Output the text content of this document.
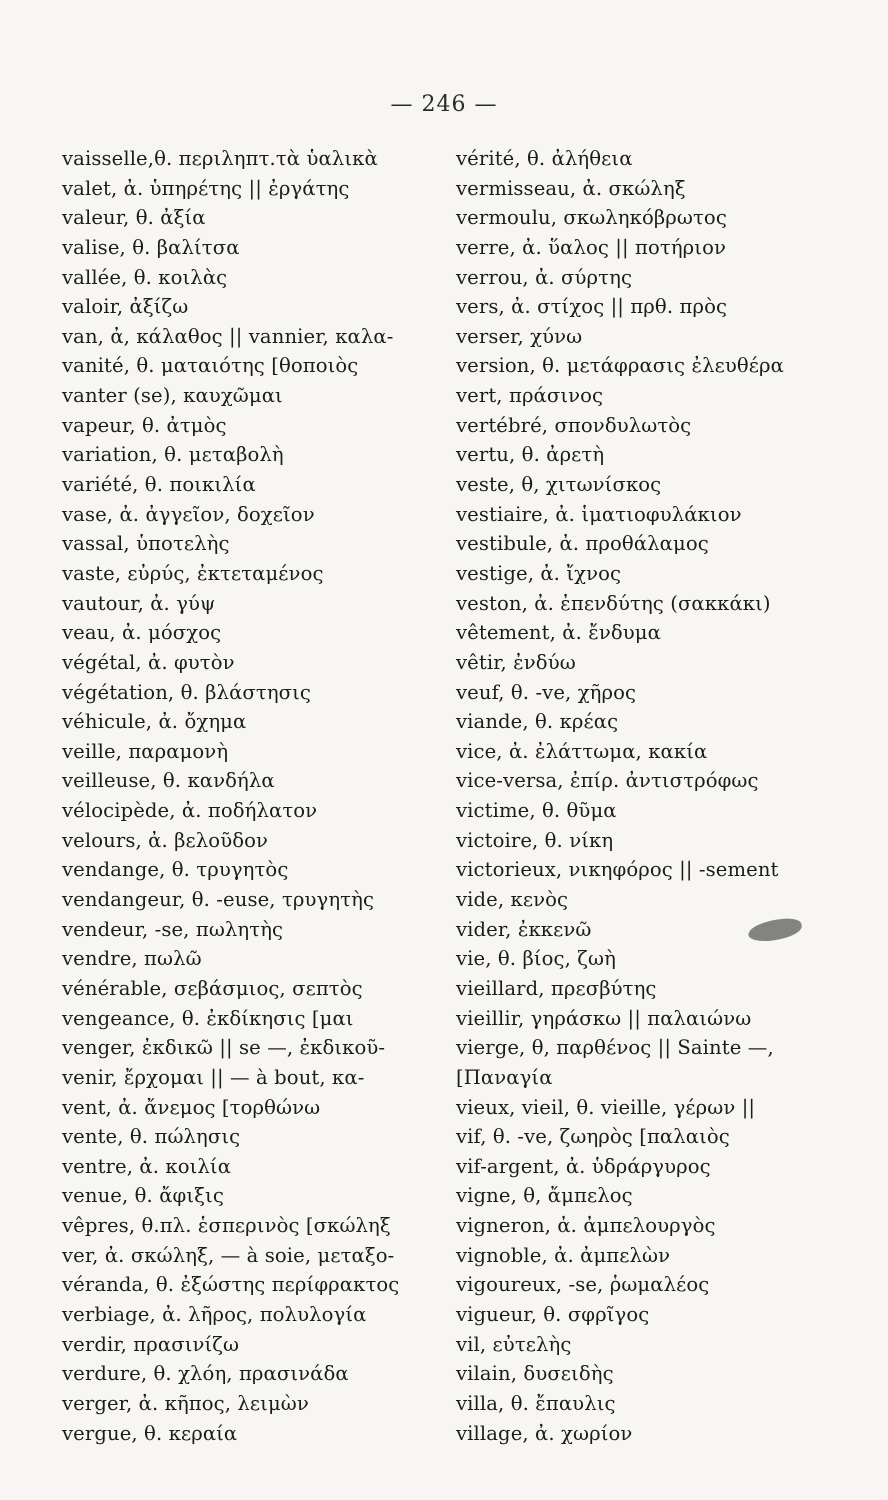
— 246 —
vaisselle,θ. περιληπτ.τὰ ὑαλικὰ
valet, ἀ. ὑπηρέτης || ἐργάτης
valeur, θ. ἀξία
valise, θ. βαλίτσα
vallée, θ. κοιλὰς
valoir, ἀξίζω
van, ἀ, κάλαθος || vannier, καλα-
vanité, θ. ματαιότης [θοποιὸς
vanter (se), καυχῶμαι
vapeur, θ. ἀτμὸς
variation, θ. μεταβολὴ
variété, θ. ποικιλία
vase, ἀ. ἀγγεῖον, δοχεῖον
vassal, ὑποτελὴς
vaste, εὐρύς, ἐκτεταμένος
vautour, ἀ. γύψ
veau, ἀ. μόσχος
végétal, ἀ. φυτὸν
végétation, θ. βλάστησις
véhicule, ἀ. ὄχημα
veille, παραμονὴ
veilleuse, θ. κανδήλα
vélocipède, ἀ. ποδήλατον
velours, ἀ. βελοῦδον
vendange, θ. τρυγητὸς
vendangeur, θ. -euse, τρυγητὴς
vendeur, -se, πωλητὴς
vendre, πωλῶ
vénérable, σεβάσμιος, σεπτὸς
vengeance, θ. ἐκδίκησις [μαι
venger, ἐκδικῶ || se —, ἐκδικοῦ-
venir, ἔρχομαι || — à bout, κα-
vent, ἀ. ἄνεμος [τορθώνω
vente, θ. πώλησις
ventre, ἀ. κοιλία
venue, θ. ἄφιξις
vêpres, θ.πλ. ἑσπερινὸς [σκώληξ
ver, ἀ. σκώληξ, — à soie, μεταξο-
véranda, θ. ἐξώστης περίφρακτος
verbiage, ἀ. λῆρος, πολυλογία
verdir, πρασινίζω
verdure, θ. χλόη, πρασινάδα
verger, ἀ. κῆπος, λειμὼν
vergue, θ. κεραία
vérité, θ. ἀλήθεια
vermisseau, ἀ. σκώληξ
vermoulu, σκωληκόβρωτος
verre, ἀ. ὕαλος || ποτήριον
verrou, ἀ. σύρτης
vers, ἀ. στίχος || πρθ. πρὸς
verser, χύνω
version, θ. μετάφρασις ἐλευθέρα
vert, πράσινος
vertébré, σπονδυλωτὸς
vertu, θ. ἀρετὴ
veste, θ, χιτωνίσκος
vestiaire, ἀ. ἱματιοφυλάκιον
vestibule, ἀ. προθάλαμος
vestige, ἀ. ἴχνος
veston, ἀ. ἐπενδύτης (σακκάκι)
vêtement, ἀ. ἔνδυμα
vêtir, ἐνδύω
veuf, θ. -ve, χῆρος
viande, θ. κρέας
vice, ἀ. ἐλάττωμα, κακία
vice-versa, ἐπίρ. ἀντιστρόφως
victime, θ. θῦμα
victoire, θ. νίκη
victorieux, νικηφόρος || -sement
vide, κενὸς
vider, ἐκκενῶ
vie, θ. βίος, ζωὴ
vieillard, πρεσβύτης
vieillir, γηράσκω || παλαιώνω
vierge, θ, παρθένος || Sainte —,
[Παναγία
vieux, vieil, θ. vieille, γέρων ||
vif, θ. -ve, ζωηρὸς [παλαιὸς
vif-argent, ἀ. ὑδράργυρος
vigne, θ, ἄμπελος
vigneron, ἀ. ἀμπελουργὸς
vignoble, ἀ. ἀμπελὼν
vigoureux, -se, ῥωμαλέος
vigueur, θ. σφρῖγος
vil, εὐτελὴς
vilain, δυσειδὴς
villa, θ. ἔπαυλις
village, ἀ. χωρίον
